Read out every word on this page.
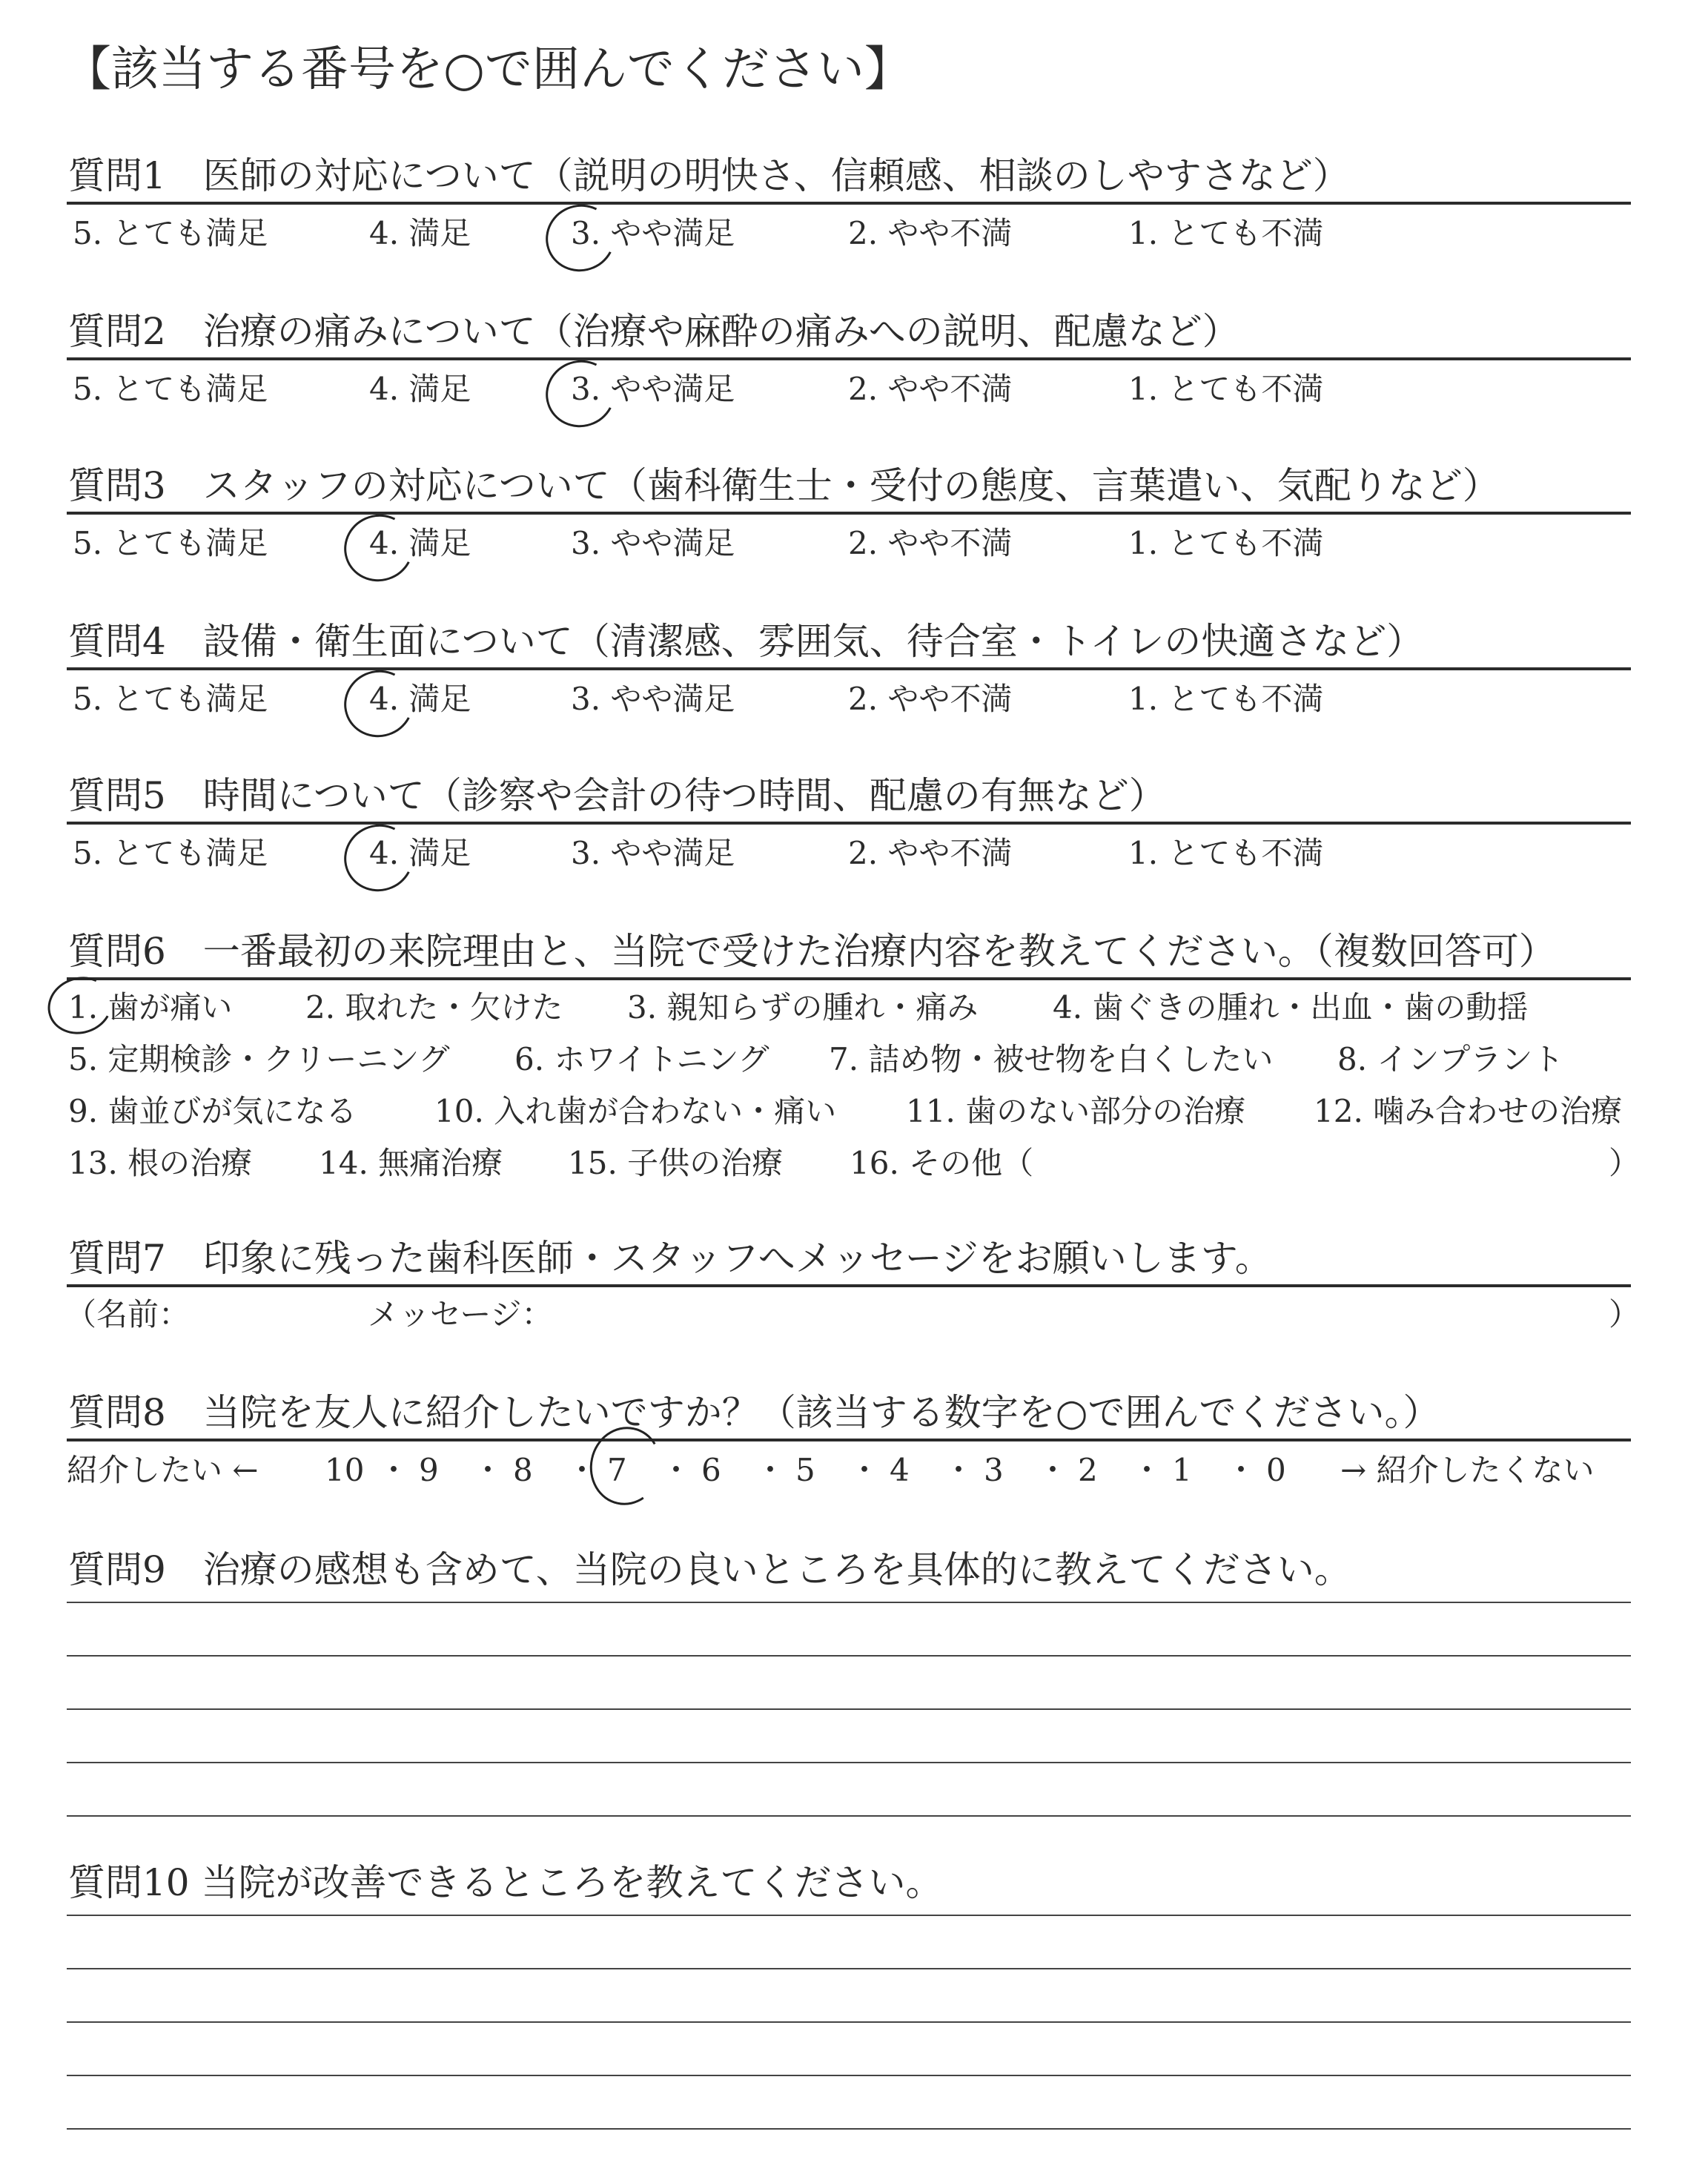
【該当する番号を○で囲んでください】
質問1　医師の対応について（説明の明快さ、信頼感、相談のしやすさなど）
5. とても満足	4. 満足	3. やや満足	2. やや不満	1. とても不満
質問2　治療の痛みについて（治療や麻酔の痛みへの説明、配慮など）
5. とても満足	4. 満足	3. やや満足	2. やや不満	1. とても不満
質問3　スタッフの対応について（歯科衛生士・受付の態度、言葉遣い、気配りなど）
5. とても満足	4. 満足	3. やや満足	2. やや不満	1. とても不満
質問4　設備・衛生面について（清潔感、雰囲気、待合室・トイレの快適さなど）
5. とても満足	4. 満足	3. やや満足	2. やや不満	1. とても不満
質問5　時間について（診察や会計の待つ時間、配慮の有無など）
5. とても満足	4. 満足	3. やや満足	2. やや不満	1. とても不満
質問6　一番最初の来院理由と、当院で受けた治療内容を教えてください。（複数回答可）
1. 歯が痛い 2. 取れた・欠けた 3. 親知らずの腫れ・痛み 4. 歯ぐきの腫れ・出血・歯の動揺
5. 定期検診・クリーニング 6. ホワイトニング 7. 詰め物・被せ物を白くしたい 8. インプラント
9. 歯並びが気になる 10. 入れ歯が合わない・痛い 11. 歯のない部分の治療 12. 噛み合わせの治療
13. 根の治療 14. 無痛治療 15. 子供の治療 16. その他（	）
質問7　印象に残った歯科医師・スタッフへメッセージをお願いします。
（名前：	メッセージ：	）
質問8　当院を友人に紹介したいですか？（該当する数字を○で囲んでください。）
紹介したい ← 10 ・ 9 ・ 8 ・ 7 ・ 6 ・ 5 ・ 4 ・ 3 ・ 2 ・ 1 ・ 0 → 紹介したくない
質問9　治療の感想も含めて、当院の良いところを具体的に教えてください。
質問10 当院が改善できるところを教えてください。
